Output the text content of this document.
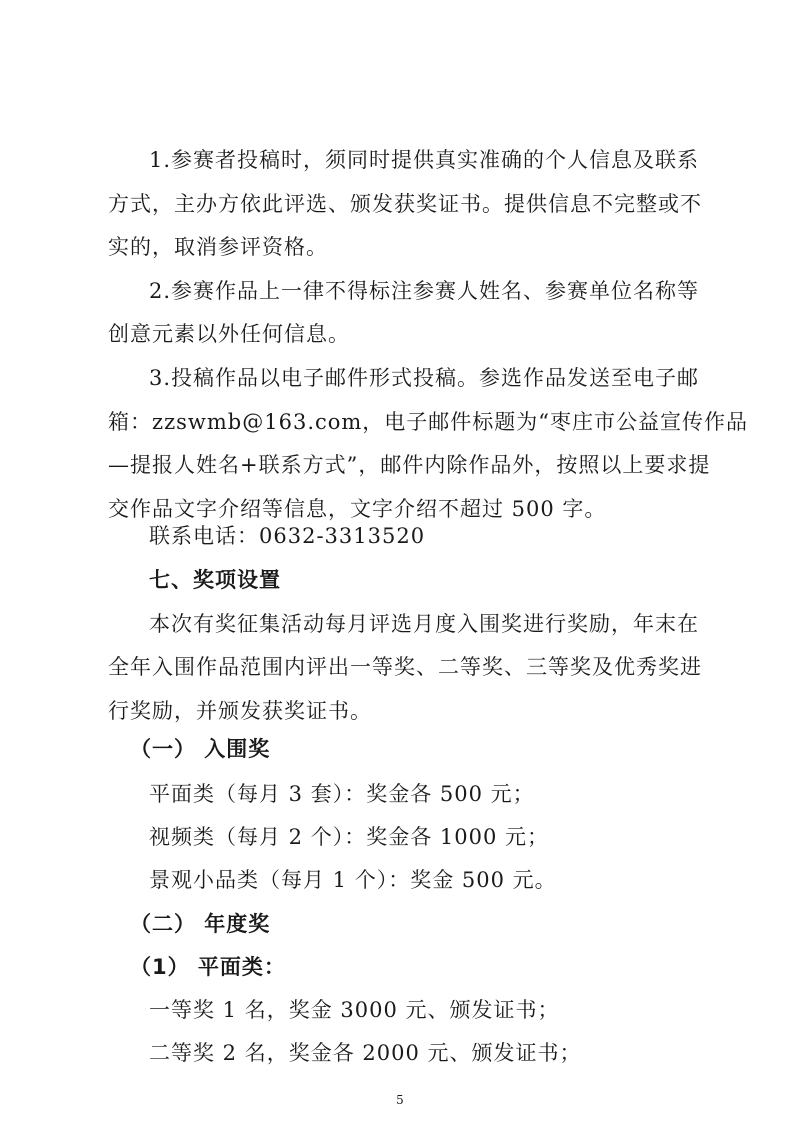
1.参赛者投稿时，须同时提供真实准确的个人信息及联系
方式，主办方依此评选、颁发获奖证书。提供信息不完整或不
实的，取消参评资格。
2.参赛作品上一律不得标注参赛人姓名、参赛单位名称等
创意元素以外任何信息。
3.投稿作品以电子邮件形式投稿。参选作品发送至电子邮
箱：zzswmb@163.com，电子邮件标题为“枣庄市公益宣传作品
—提报人姓名+联系方式”，邮件内除作品外，按照以上要求提
交作品文字介绍等信息，文字介绍不超过 500 字。
联系电话：0632-3313520
七、奖项设置
本次有奖征集活动每月评选月度入围奖进行奖励，年末在
全年入围作品范围内评出一等奖、二等奖、三等奖及优秀奖进
行奖励，并颁发获奖证书。
（一） 入围奖
平面类（每月 3 套）：奖金各 500 元；
视频类（每月 2 个）：奖金各 1000 元；
景观小品类（每月 1 个）：奖金 500 元。
（二） 年度奖
（1） 平面类：
一等奖 1 名，奖金 3000 元、颁发证书；
二等奖 2 名，奖金各 2000 元、颁发证书；
5
